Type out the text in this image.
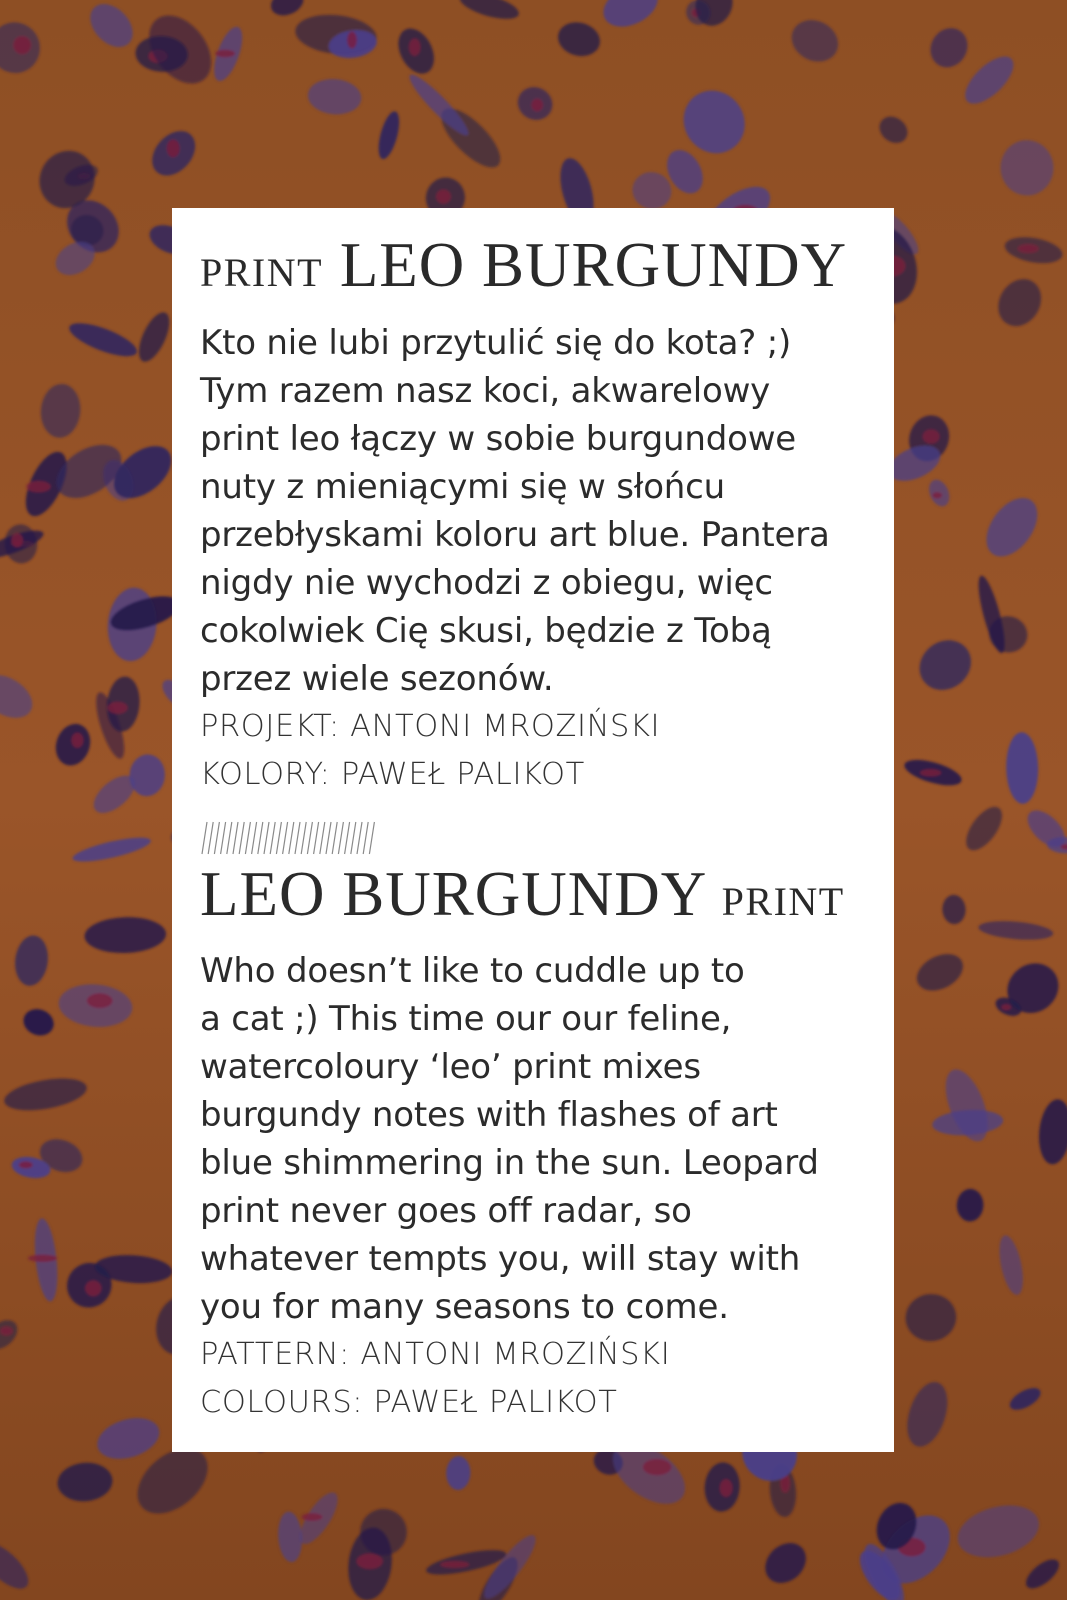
PRINT LEO BURGUNDY
Kto nie lubi przytulić się do kota? ;)
Tym razem nasz koci, akwarelowy
print leo łączy w sobie burgundowe
nuty z mieniącymi się w słońcu
przebłyskami koloru art blue. Pantera
nigdy nie wychodzi z obiegu, więc
cokolwiek Cię skusi, będzie z Tobą
przez wiele sezonów.
PROJEKT: ANTONI MROZIŃSKI
KOLORY: PAWEŁ PALIKOT
LEO BURGUNDY PRINT
Who doesn’t like to cuddle up to
a cat ;) This time our our feline,
watercoloury ‘leo’ print mixes
burgundy notes with flashes of art
blue shimmering in the sun. Leopard
print never goes off radar, so
whatever tempts you, will stay with
you for many seasons to come.
PATTERN: ANTONI MROZIŃSKI
COLOURS: PAWEŁ PALIKOT
